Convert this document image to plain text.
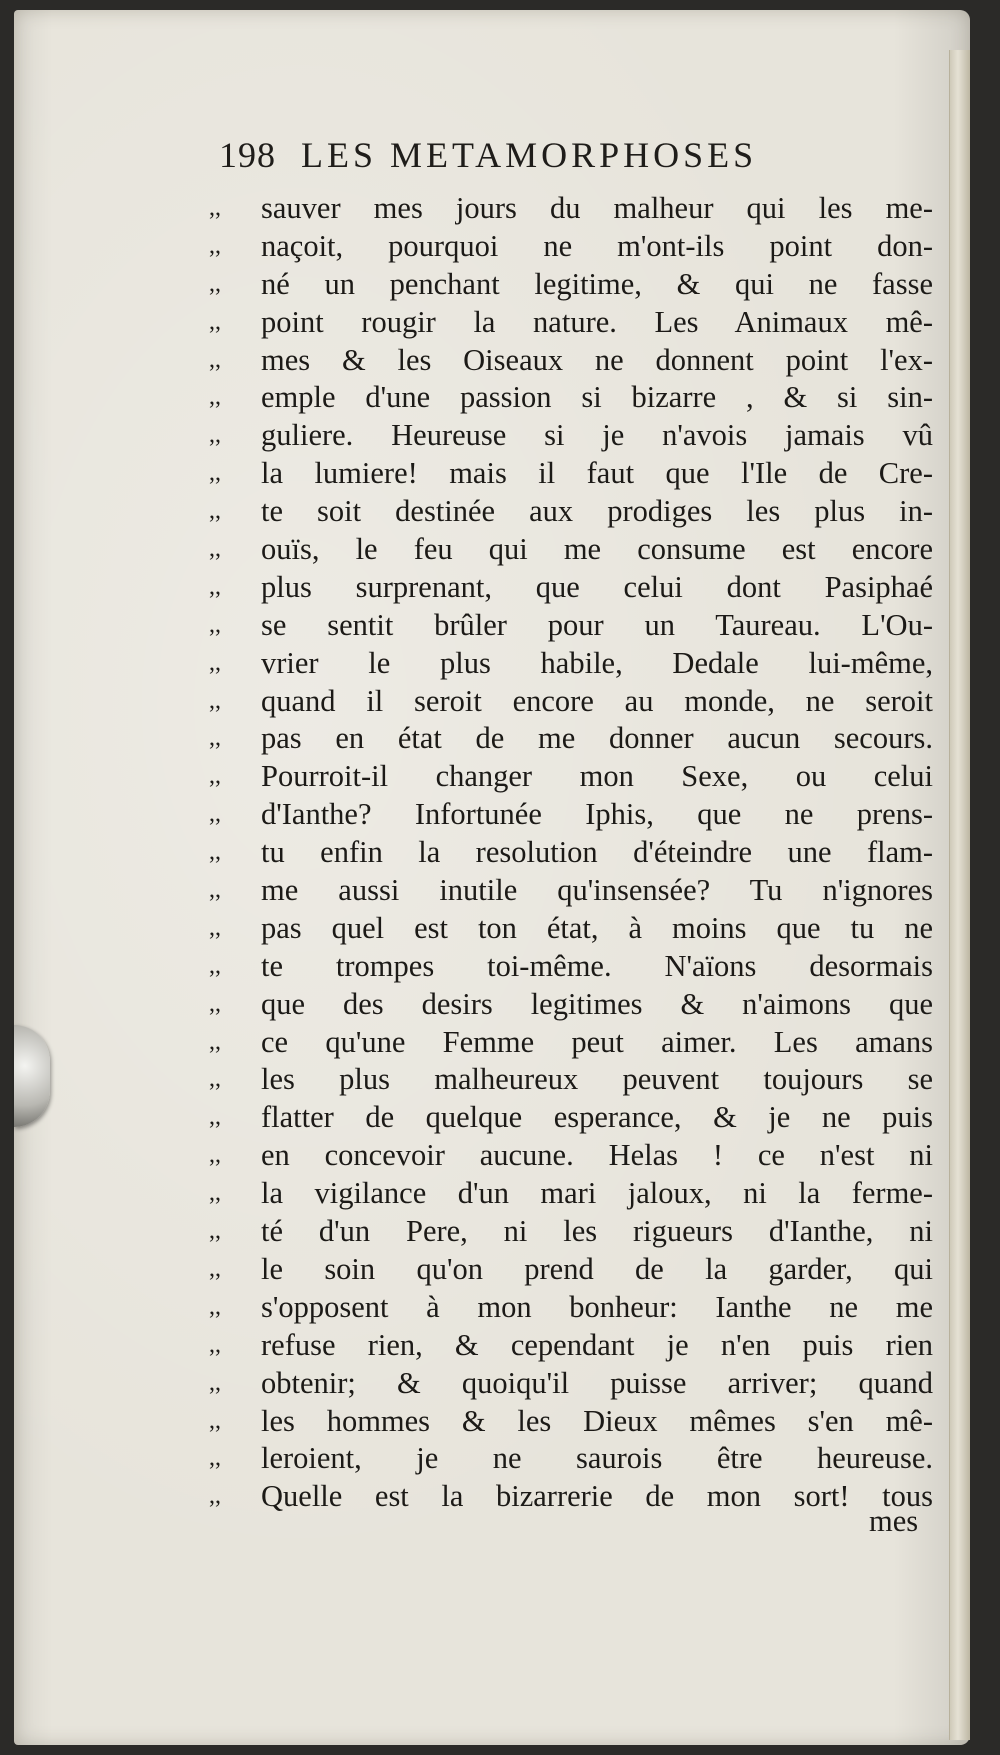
198 LES METAMORPHOSES
,,	sauver mes jours du malheur qui les me-
,,	naçoit, pourquoi ne m'ont-ils point don-
,,	né un penchant legitime, & qui ne fasse
,,	point rougir la nature. Les Animaux mê-
,,	mes & les Oiseaux ne donnent point l'ex-
,,	emple d'une passion si bizarre , & si sin-
,,	guliere. Heureuse si je n'avois jamais vû
,,	la lumiere! mais il faut que l'Ile de Cre-
,,	te soit destinée aux prodiges les plus in-
,,	ouïs, le feu qui me consume est encore
,,	plus surprenant, que celui dont Pasiphaé
,,	se sentit brûler pour un Taureau. L'Ou-
,,	vrier le plus habile, Dedale lui-même,
,,	quand il seroit encore au monde, ne seroit
,,	pas en état de me donner aucun secours.
,,	Pourroit-il changer mon Sexe, ou celui
,,	d'Ianthe? Infortunée Iphis, que ne prens-
,,	tu enfin la resolution d'éteindre une flam-
,,	me aussi inutile qu'insensée? Tu n'ignores
,,	pas quel est ton état, à moins que tu ne
,,	te trompes toi-même. N'aïons desormais
,,	que des desirs legitimes & n'aimons que
,,	ce qu'une Femme peut aimer. Les amans
,,	les plus malheureux peuvent toujours se
,,	flatter de quelque esperance, & je ne puis
,,	en concevoir aucune. Helas ! ce n'est ni
,,	la vigilance d'un mari jaloux, ni la ferme-
,,	té d'un Pere, ni les rigueurs d'Ianthe, ni
,,	le soin qu'on prend de la garder, qui
,,	s'opposent à mon bonheur: Ianthe ne me
,,	refuse rien, & cependant je n'en puis rien
,,	obtenir; & quoiqu'il puisse arriver; quand
,,	les hommes & les Dieux mêmes s'en mê-
,,	leroient, je ne saurois être heureuse.
,,	Quelle est la bizarrerie de mon sort! tous
mes
